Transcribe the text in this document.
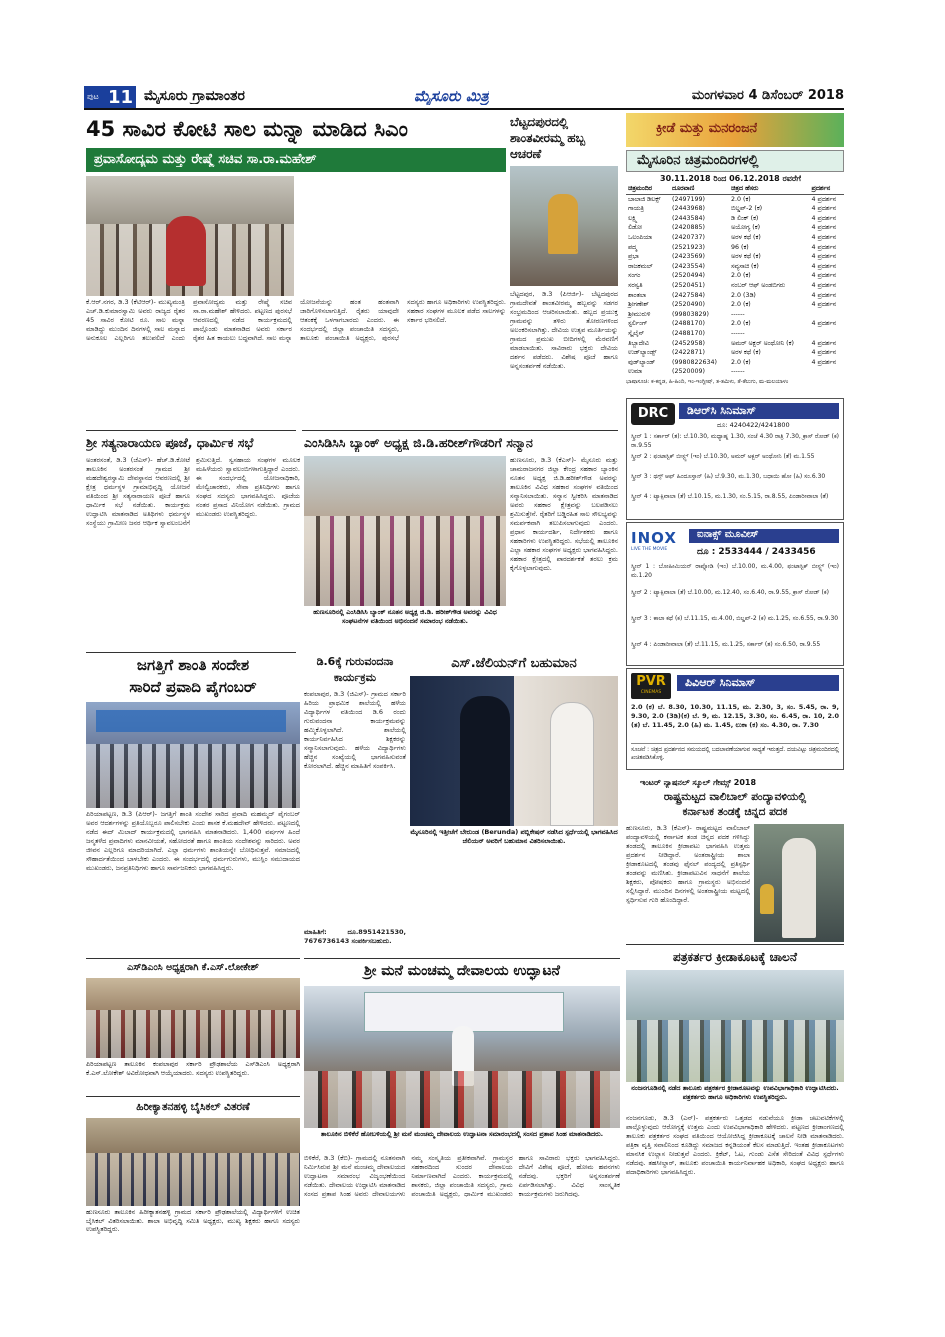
ಪುಟ 11 ಮೈಸೂರು ಗ್ರಾಮಾಂತರ	ಮೈಸೂರು ಮಿತ್ರ	ಮಂಗಳವಾರ 4 ಡಿಸೆಂಬರ್ 2018
45 ಸಾವಿರ ಕೋಟಿ ಸಾಲ ಮನ್ನಾ ಮಾಡಿದ ಸಿಎಂ
ಪ್ರವಾಸೋದ್ಯಮ ಮತ್ತು ರೇಷ್ಮೆ ಸಚಿವ ಸಾ.ರಾ.ಮಹೇಶ್
ಕೆ.ಆರ್.ನಗರ, ಡಿ.3 (ಕೆಟಿಆರ್)- ಮುಖ್ಯಮಂತ್ರಿ ಎಚ್.ಡಿ.ಕುಮಾರಸ್ವಾಮಿ ಅವರು ರಾಜ್ಯದ ರೈತರ 45 ಸಾವಿರ ಕೋಟಿ ರೂ. ಸಾಲ ಮನ್ನಾ ಮಾಡಿದ್ದು ಮುಂದಿನ ದಿನಗಳಲ್ಲಿ ಸಾಲ ಮನ್ನಾದ ಅನುಕೂಲ ಎಲ್ಲರಿಗೂ ತಲುಪಲಿದೆ ಎಂದು ಪ್ರವಾಸೋದ್ಯಮ ಮತ್ತು ರೇಷ್ಮೆ ಸಚಿವ ಸಾ.ರಾ.ಮಹೇಶ್ ಹೇಳಿದರು. ಪಟ್ಟಣದ ಪುರಸಭೆ ಆವರಣದಲ್ಲಿ ನಡೆದ ಕಾರ್ಯಕ್ರಮದಲ್ಲಿ ಪಾಲ್ಗೊಂಡು ಮಾತನಾಡಿದ ಅವರು ಸರ್ಕಾರ ರೈತರ ಹಿತ ಕಾಯಲು ಬದ್ಧವಾಗಿದೆ. ಸಾಲ ಮನ್ನಾ ಯೋಜನೆಯನ್ನು ಹಂತ ಹಂತವಾಗಿ ಜಾರಿಗೊಳಿಸಲಾಗುತ್ತಿದೆ. ರೈತರು ಯಾವುದೇ ಆತಂಕಕ್ಕೆ ಒಳಗಾಗಬಾರದು ಎಂದರು. ಈ ಸಂದರ್ಭದಲ್ಲಿ ಜಿಲ್ಲಾ ಪಂಚಾಯಿತಿ ಸದಸ್ಯರು, ತಾಲೂಕು ಪಂಚಾಯಿತಿ ಅಧ್ಯಕ್ಷರು, ಪುರಸಭೆ ಸದಸ್ಯರು ಹಾಗೂ ಅಧಿಕಾರಿಗಳು ಉಪಸ್ಥಿತರಿದ್ದರು. ಸಹಕಾರ ಸಂಘಗಳ ಮೂಲಕ ಪಡೆದ ಸಾಲಗಳನ್ನು ಸರ್ಕಾರ ಭರಿಸಲಿದೆ.
ಬೆಟ್ಟದಪುರದಲ್ಲಿ ಶಾಂತವೀರಮ್ಮ ಹಬ್ಬ ಆಚರಣೆ
ಬೆಟ್ಟದಪುರ, ಡಿ.3 (ಪಿಆರ್ಜಿ)- ಬೆಟ್ಟದಪುರದ ಗ್ರಾಮದೇವತೆ ಶಾಂತವೀರಮ್ಮ ಹಬ್ಬವನ್ನು ಸಡಗರ ಸಂಭ್ರಮದಿಂದ ಆಚರಿಸಲಾಯಿತು. ಹಬ್ಬದ ಪ್ರಯುಕ್ತ ಗ್ರಾಮವನ್ನು ತಳಿರು ತೋರಣಗಳಿಂದ ಅಲಂಕರಿಸಲಾಗಿತ್ತು. ದೇವಿಯ ಉತ್ಸವ ಮೂರ್ತಿಯನ್ನು ಗ್ರಾಮದ ಪ್ರಮುಖ ಬೀದಿಗಳಲ್ಲಿ ಮೆರವಣಿಗೆ ಮಾಡಲಾಯಿತು. ಸಾವಿರಾರು ಭಕ್ತರು ದೇವಿಯ ದರ್ಶನ ಪಡೆದರು. ವಿಶೇಷ ಪೂಜೆ ಹಾಗೂ ಅನ್ನಸಂತರ್ಪಣೆ ನಡೆಯಿತು.
ಕ್ರೀಡೆ ಮತ್ತು ಮನರಂಜನೆ
ಮೈಸೂರಿನ ಚಿತ್ರಮಂದಿರಗಳಲ್ಲಿ
30.11.2018 ರಿಂದ 06.12.2018 ರವರೆಗೆ
ಚಿತ್ರಮಂದಿರ	ದೂರವಾಣಿ	ಚಿತ್ರದ ಹೆಸರು	ಪ್ರದರ್ಶನ
ಬಾಲಾಜಿ ಡಿಲಕ್ಸ್	(2497199)	2.0 (ಕ)	4 ಪ್ರದರ್ಶನ
ಗಾಯತ್ರಿ	(2443968)	ಬಿಲ್ಡಪ್-2 (ಕ)	4 ಪ್ರದರ್ಶನ
ಲಕ್ಷ್ಮಿ	(2443584)	ಡಿ ಲಿಂಕ್ (ಕ)	4 ಪ್ರದರ್ಶನ
ಲಿಡೋ	(2420885)	ಅಯೋಗ್ಯ (ಕ)	4 ಪ್ರದರ್ಶನ
ಒಲಂಪಿಯಾ	(2420737)	ಅರಳ ಕಥೆ (ಕ)	4 ಪ್ರದರ್ಶನ
ಪದ್ಮ	(2521923)	96 (ಕ)	4 ಪ್ರದರ್ಶನ
ಪ್ರಭಾ	(2423569)	ಅರಳ ಕಥೆ (ಕ)	4 ಪ್ರದರ್ಶನ
ರಾಜಕಮಲ್	(2423554)	ಸವ್ಯಸಾಚಿ (ಕ)	4 ಪ್ರದರ್ಶನ
ಸಂಗಂ	(2520494)	2.0 (ಕ)	4 ಪ್ರದರ್ಶನ
ಸರಸ್ವತಿ	(2520451)	ನಂಬರ್ ಆಫ್ ಅಂಡಬಿಗರು	4 ಪ್ರದರ್ಶನ
ಶಾಂತಲಾ	(2427584)	2.0 (3ಡಿ)	4 ಪ್ರದರ್ಶನ
ಶ್ರೀಗಣೇಶ್	(2520490)	2.0 (ಕ)	4 ಪ್ರದರ್ಶನ
ಶ್ರೀಮುರುಳಿ	(99803829)	------	
ಸ್ಟರ್ಲಿಂಗ್	(2488170)	2.0 (ಕ)	4 ಪ್ರದರ್ಶನ
ಸ್ಕೈಲೈನ್	(2488170)	------	
ತಿಬ್ಬಾದೇವಿ	(2452958)	ಅಮರ್ ಅಕ್ಬರ್ ಅಂಥೋನಿ (ಕ)	4 ಪ್ರದರ್ಶನ
ಉಡ್‌ಲ್ಯಾಂಡ್ಸ್	(2422871)	ಅರಳ ಕಥೆ (ಕ)	4 ಪ್ರದರ್ಶನ
ವುಡ್‌ಲ್ಯಾಂಡ್	(9980822634)	2.0 (ಕ)	4 ಪ್ರದರ್ಶನ
ಉಮಾ	(2520009)	------	
ಭಾಷಾಸೂಚಿ: ಕ-ಕನ್ನಡ, ಹಿ-ಹಿಂದಿ, ಇಂ-ಇಂಗ್ಲೀಷ್, ತ-ತಮಿಳು, ತೆ-ತೆಲುಗು, ಮ-ಮಲಯಾಳಂ
DRC	ಡಿಆರ್‌ಸಿ ಸಿನಿಮಾಸ್
ದೂ: 4240422/4241800
ಸ್ಕ್ರೀನ್ 1 : ಸರ್ಕಾರ್ (ತ): ಬೆ.10.30, ಮಧ್ಯಾಹ್ನ 1.30, ಸಂಜೆ 4.30 ರಾತ್ರಿ 7.30, ಕ್ರಾಸ್ ರೋಡ್ (ಕ) ರಾ.9.55
ಸ್ಕ್ರೀನ್ 2 : ಫಂಟಾಸ್ಟಿಕ್ ಬೀಸ್ಟ್ಸ್ (ಇಂ) ಬೆ.10.30, ಅಮರ್ ಅಕ್ಬರ್ ಅಂಥೋನಿ (ತೆ) ಮ.1.55
ಸ್ಕ್ರೀನ್ 3 : ಥಗ್ಸ್ ಆಫ್ ಹಿಂದೂಸ್ತಾನ್ (ಹಿ) ಬೆ.9.30, ಮ.1.30, ಬಧಾಯಿ ಹೋ (ಹಿ) ಸಂ.6.30
ಸ್ಕ್ರೀನ್ 4 : ಟ್ಯಾಕ್ಸಿವಾಲಾ (ತೆ) ಬೆ.10.15, ಮ.1.30, ಸಂ.5.15, ರಾ.8.55, ಪಿಂಡಾರೀವಾಲಾ (ತೆ)
INOX
LIVE THE MOVIE
ಐನಾಕ್ಸ್ ಮೂವೀಸ್
ದೂ : 2533444 / 2433456
ಸ್ಕ್ರೀನ್ 1 : ಬೋಹೀಮಿಯನ್ ರಾಪ್ಸೋಡಿ (ಇಂ) ಬೆ.10.00, ಮ.4.00, ಫಂಟಾಸ್ಟಿಕ್ ಬೀಸ್ಟ್ಸ್ (ಇಂ) ಮ.1.20
ಸ್ಕ್ರೀನ್ 2 : ಟ್ಯಾಕ್ಸಿವಾಲಾ (ತೆ) ಬೆ.10.00, ಮ.12.40, ಸಂ.6.40, ರಾ.9.55, ಕ್ರಾಸ್ ರೋಡ್ (ಕ)
ಸ್ಕ್ರೀನ್ 3 : ಕಾಲಾ ಕಥೆ (ಕ) ಬೆ.11.15, ಮ.4.00, ಬಿಲ್ಡಪ್-2 (ಕ) ಮ.1.25, ಸಂ.6.55, ರಾ.9.30
ಸ್ಕ್ರೀನ್ 4 : ಪಿಂಡಾರೀವಾಲಾ (ತೆ) ಬೆ.11.15, ಮ.1.25, ಸರ್ಕಾರ್ (ತ) ಸಂ.6.50, ರಾ.9.55
PVR
CINEMAS
ಪಿವಿಆರ್ ಸಿನಿಮಾಸ್
2.0 (ಕ) ಬೆ. 8.30, 10.30, 11.15, ಮ. 2.30, 3, ಸಂ. 5.45, ರಾ. 9, 9.30, 2.0 (3ಡಿ)(ಕ) ಬೆ. 9, ಮ. 12.15, 3.30, ಸಂ. 6.45, ರಾ. 10, 2.0 (ತ) ಬೆ. 11.45, 2.0 (ಹಿ) ಮ. 1.45, ಲುಕಾ (ಕ) ಸಂ. 4.30, ರಾ. 7.30
ಸೂಚನೆ : ಚಿತ್ರದ ಪ್ರದರ್ಶನದ ಸಮಯದಲ್ಲಿ ಬದಲಾವಣೆಯಾಗುವ ಸಾಧ್ಯತೆ ಇರುತ್ತದೆ. ದಯವಿಟ್ಟು ಚಿತ್ರಮಂದಿರದಲ್ಲಿ ಖಚಿತಪಡಿಸಿಕೊಳ್ಳಿ.
ಶ್ರೀ ಸತ್ಯನಾರಾಯಣ ಪೂಜೆ, ಧಾರ್ಮಿಕ ಸಭೆ
ಅಂತರಸಂತೆ, ಡಿ.3 (ಜೆಎಸ್)- ಹೆಚ್.ಡಿ.ಕೋಟೆ ತಾಲೂಕಿನ ಅಂತರಸಂತೆ ಗ್ರಾಮದ ಶ್ರೀ ಮಹದೇಶ್ವರಸ್ವಾಮಿ ದೇವಸ್ಥಾನದ ಆವರಣದಲ್ಲಿ ಶ್ರೀ ಕ್ಷೇತ್ರ ಧರ್ಮಸ್ಥಳ ಗ್ರಾಮಾಭಿವೃದ್ಧಿ ಯೋಜನೆ ವತಿಯಿಂದ ಶ್ರೀ ಸತ್ಯನಾರಾಯಣ ಪೂಜೆ ಹಾಗೂ ಧಾರ್ಮಿಕ ಸಭೆ ನಡೆಯಿತು. ಕಾರ್ಯಕ್ರಮ ಉದ್ಘಾಟಿಸಿ ಮಾತನಾಡಿದ ಅತಿಥಿಗಳು ಧರ್ಮಸ್ಥಳ ಸಂಸ್ಥೆಯು ಗ್ರಾಮೀಣ ಜನರ ಆರ್ಥಿಕ ಸ್ವಾವಲಂಬನೆಗೆ ಶ್ರಮಿಸುತ್ತಿದೆ. ಸ್ವಸಹಾಯ ಸಂಘಗಳ ಮೂಲಕ ಮಹಿಳೆಯರು ಸ್ವಾವಲಂಬಿಗಳಾಗುತ್ತಿದ್ದಾರೆ ಎಂದರು. ಈ ಸಂದರ್ಭದಲ್ಲಿ ಯೋಜನಾಧಿಕಾರಿ, ಮೇಲ್ವಿಚಾರಕರು, ಸೇವಾ ಪ್ರತಿನಿಧಿಗಳು ಹಾಗೂ ಸಂಘದ ಸದಸ್ಯರು ಭಾಗವಹಿಸಿದ್ದರು. ಪೂಜೆಯ ನಂತರ ಪ್ರಸಾದ ವಿನಿಯೋಗ ನಡೆಯಿತು. ಗ್ರಾಮದ ಮುಖಂಡರು ಉಪಸ್ಥಿತರಿದ್ದರು.
ಎಂಸಿಡಿಸಿಸಿ ಬ್ಯಾಂಕ್ ಅಧ್ಯಕ್ಷ ಜಿ.ಡಿ.ಹರೀಶ್‌ಗೌಡರಿಗೆ ಸನ್ಮಾನ
ಹುಣಸೂರಿನಲ್ಲಿ ಎಂಸಿಡಿಸಿಸಿ ಬ್ಯಾಂಕ್ ನೂತನ ಅಧ್ಯಕ್ಷ ಜಿ.ಡಿ. ಹರೀಶ್‌ಗೌಡ ಅವರನ್ನು ವಿವಿಧ ಸಂಘಟನೆಗಳ ವತಿಯಿಂದ ಅಭಿನಂದನೆ ಸಮಾರಂಭ ನಡೆಯಿತು.
ಹುಣಸೂರು, ಡಿ.3 (ಕೆಎಸ್)- ಮೈಸೂರು ಮತ್ತು ಚಾಮರಾಜನಗರ ಜಿಲ್ಲಾ ಕೇಂದ್ರ ಸಹಕಾರ ಬ್ಯಾಂಕಿನ ನೂತನ ಅಧ್ಯಕ್ಷ ಜಿ.ಡಿ.ಹರೀಶ್‌ಗೌಡ ಅವರನ್ನು ತಾಲೂಕಿನ ವಿವಿಧ ಸಹಕಾರ ಸಂಘಗಳ ವತಿಯಿಂದ ಸನ್ಮಾನಿಸಲಾಯಿತು. ಸನ್ಮಾನ ಸ್ವೀಕರಿಸಿ ಮಾತನಾಡಿದ ಅವರು ಸಹಕಾರ ಕ್ಷೇತ್ರವನ್ನು ಬಲಪಡಿಸಲು ಶ್ರಮಿಸುತ್ತೇನೆ. ರೈತರಿಗೆ ಬಡ್ಡಿರಹಿತ ಸಾಲ ಸೌಲಭ್ಯವನ್ನು ಸಮರ್ಪಕವಾಗಿ ತಲುಪಿಸಲಾಗುವುದು ಎಂದರು. ಪ್ರಧಾನ ಕಾರ್ಯದರ್ಶಿ, ನಿರ್ದೇಶಕರು ಹಾಗೂ ಸಹಕಾರಿಗಳು ಉಪಸ್ಥಿತರಿದ್ದರು. ಸಭೆಯಲ್ಲಿ ತಾಲೂಕಿನ ಎಲ್ಲಾ ಸಹಕಾರ ಸಂಘಗಳ ಅಧ್ಯಕ್ಷರು ಭಾಗವಹಿಸಿದ್ದರು. ಸಹಕಾರ ಕ್ಷೇತ್ರದಲ್ಲಿ ಪಾರದರ್ಶಕತೆ ತರಲು ಕ್ರಮ ಕೈಗೊಳ್ಳಲಾಗುವುದು.
ಜಗತ್ತಿಗೆ ಶಾಂತಿ ಸಂದೇಶ
ಸಾರಿದೆ ಪ್ರವಾದಿ ಪೈಗಂಬರ್
ಪಿರಿಯಾಪಟ್ಟಣ, ಡಿ.3 (ಪಿಆರ್)- ಜಗತ್ತಿಗೆ ಶಾಂತಿ ಸಂದೇಶ ಸಾರಿದ ಪ್ರವಾದಿ ಮಹಮ್ಮದ್ ಪೈಗಂಬರ್ ಅವರ ಆದರ್ಶಗಳನ್ನು ಪ್ರತಿಯೊಬ್ಬರೂ ಪಾಲಿಸಬೇಕು ಎಂದು ಶಾಸಕ ಕೆ.ಮಹದೇವ್ ಹೇಳಿದರು. ಪಟ್ಟಣದಲ್ಲಿ ನಡೆದ ಈದ್ ಮಿಲಾದ್ ಕಾರ್ಯಕ್ರಮದಲ್ಲಿ ಭಾಗವಹಿಸಿ ಮಾತನಾಡಿದರು. 1,400 ವರ್ಷಗಳ ಹಿಂದೆ ಜನ್ಮತಳೆದ ಪ್ರವಾದಿಗಳು ಮಾನವೀಯತೆ, ಸಹೋದರತೆ ಹಾಗೂ ಶಾಂತಿಯ ಸಂದೇಶವನ್ನು ಸಾರಿದರು. ಅವರ ಜೀವನ ಎಲ್ಲರಿಗೂ ಮಾದರಿಯಾಗಿದೆ. ಎಲ್ಲಾ ಧರ್ಮಗಳು ಶಾಂತಿಯನ್ನೇ ಬೋಧಿಸುತ್ತವೆ. ಸಮಾಜದಲ್ಲಿ ಸೌಹಾರ್ದತೆಯಿಂದ ಬಾಳಬೇಕು ಎಂದರು. ಈ ಸಂದರ್ಭದಲ್ಲಿ ಧರ್ಮಗುರುಗಳು, ಮುಸ್ಲಿಂ ಸಮುದಾಯದ ಮುಖಂಡರು, ಜನಪ್ರತಿನಿಧಿಗಳು ಹಾಗೂ ಸಾರ್ವಜನಿಕರು ಭಾಗವಹಿಸಿದ್ದರು.
ಡಿ.6ಕ್ಕೆ ಗುರುವಂದನಾ
ಕಾರ್ಯಕ್ರಮ
ಕಂಪಲಾಪುರ, ಡಿ.3 (ಜಿಎಸ್)- ಗ್ರಾಮದ ಸರ್ಕಾರಿ ಹಿರಿಯ ಪ್ರಾಥಮಿಕ ಶಾಲೆಯಲ್ಲಿ ಹಳೆಯ ವಿದ್ಯಾರ್ಥಿಗಳ ವತಿಯಿಂದ ಡಿ.6 ರಂದು ಗುರುವಂದನಾ ಕಾರ್ಯಕ್ರಮವನ್ನು ಹಮ್ಮಿಕೊಳ್ಳಲಾಗಿದೆ. ಶಾಲೆಯಲ್ಲಿ ಕಾರ್ಯನಿರ್ವಹಿಸಿದ ಶಿಕ್ಷಕರನ್ನು ಸನ್ಮಾನಿಸಲಾಗುವುದು. ಹಳೆಯ ವಿದ್ಯಾರ್ಥಿಗಳು ಹೆಚ್ಚಿನ ಸಂಖ್ಯೆಯಲ್ಲಿ ಭಾಗವಹಿಸುವಂತೆ ಕೋರಲಾಗಿದೆ. ಹೆಚ್ಚಿನ ಮಾಹಿತಿಗೆ ಸಂಪರ್ಕಿಸಿ.
ಮಾಹಿತಿಗೆ: ದೂ.8951421530, 7676736143 ಸಂಪರ್ಕಿಸಬಹುದು.
ಎಸ್.ಜೆಲಿಯನ್‌ಗೆ ಬಹುಮಾನ
ಮೈಸೂರಿನಲ್ಲಿ ಇತ್ತೀಚೆಗೆ ಬೇರುಂಡ (Berunda) ಪಬ್ಲಿಕೇಷನ್ ನಡೆಸಿದ ಸ್ಪರ್ಧೆಯಲ್ಲಿ ಭಾಗವಹಿಸಿದ ಜೆಲಿಯನ್ ಅವರಿಗೆ ಬಹುಮಾನ ವಿತರಿಸಲಾಯಿತು.
ಇಂಟರ್ ನ್ಯಾಷನಲ್ ಸ್ಕೂಲ್ ಗೇಮ್ಸ್ 2018
ರಾಷ್ಟ್ರಮಟ್ಟದ ವಾಲಿಬಾಲ್ ಪಂದ್ಯಾವಳಿಯಲ್ಲಿ
ಕರ್ನಾಟಕ ತಂಡಕ್ಕೆ ಚಿನ್ನದ ಪದಕ
ಹುಣಸೂರು, ಡಿ.3 (ಕೆಎಸ್)- ರಾಷ್ಟ್ರಮಟ್ಟದ ವಾಲಿಬಾಲ್ ಪಂದ್ಯಾವಳಿಯಲ್ಲಿ ಕರ್ನಾಟಕ ತಂಡ ಚಿನ್ನದ ಪದಕ ಗಳಿಸಿದ್ದು ತಂಡದಲ್ಲಿ ತಾಲೂಕಿನ ಕ್ರೀಡಾಪಟು ಭಾಗವಹಿಸಿ ಉತ್ತಮ ಪ್ರದರ್ಶನ ನೀಡಿದ್ದಾರೆ. ಅಂತರಾಷ್ಟ್ರೀಯ ಶಾಲಾ ಕ್ರೀಡಾಕೂಟದಲ್ಲಿ ತಂಡವು ಫೈನಲ್ ಪಂದ್ಯದಲ್ಲಿ ಪ್ರತಿಸ್ಪರ್ಧಿ ತಂಡವನ್ನು ಮಣಿಸಿತು. ಕ್ರೀಡಾಪಟುವಿನ ಸಾಧನೆಗೆ ಶಾಲೆಯ ಶಿಕ್ಷಕರು, ಪೋಷಕರು ಹಾಗೂ ಗ್ರಾಮಸ್ಥರು ಅಭಿನಂದನೆ ಸಲ್ಲಿಸಿದ್ದಾರೆ. ಮುಂದಿನ ದಿನಗಳಲ್ಲಿ ಅಂತರಾಷ್ಟ್ರೀಯ ಮಟ್ಟದಲ್ಲಿ ಸ್ಪರ್ಧಿಸುವ ಗುರಿ ಹೊಂದಿದ್ದಾರೆ.
ಎಸ್‌ಡಿಎಂಸಿ ಅಧ್ಯಕ್ಷರಾಗಿ ಕೆ.ಎಸ್.ಲೋಕೇಶ್
ಪಿರಿಯಾಪಟ್ಟಣ ತಾಲೂಕಿನ ಕಂಪಲಾಪುರ ಸರ್ಕಾರಿ ಪ್ರೌಢಶಾಲೆಯ ಎಸ್‌ಡಿಎಂಸಿ ಅಧ್ಯಕ್ಷರಾಗಿ ಕೆ.ಎಸ್.ಲೋಕೇಶ್ ಅವಿರೋಧವಾಗಿ ಆಯ್ಕೆಯಾದರು. ಸದಸ್ಯರು ಉಪಸ್ಥಿತರಿದ್ದರು.
ಹಿರೀಕ್ಯಾತನಹಳ್ಳಿ ಬೈಸಿಕಲ್ ವಿತರಣೆ
ಹುಣಸೂರು ತಾಲೂಕಿನ ಹಿರೀಕ್ಯಾತನಹಳ್ಳಿ ಗ್ರಾಮದ ಸರ್ಕಾರಿ ಪ್ರೌಢಶಾಲೆಯಲ್ಲಿ ವಿದ್ಯಾರ್ಥಿಗಳಿಗೆ ಉಚಿತ ಬೈಸಿಕಲ್ ವಿತರಿಸಲಾಯಿತು. ಶಾಲಾ ಅಭಿವೃದ್ಧಿ ಸಮಿತಿ ಅಧ್ಯಕ್ಷರು, ಮುಖ್ಯ ಶಿಕ್ಷಕರು ಹಾಗೂ ಸದಸ್ಯರು ಉಪಸ್ಥಿತರಿದ್ದರು.
ಶ್ರೀ ಮನೆ ಮಂಚಮ್ಮ ದೇವಾಲಯ ಉದ್ಘಾಟನೆ
ತಾಲೂಕಿನ ಬಿಳಿಕೆರೆ ಹೋಬಳಿಯಲ್ಲಿ ಶ್ರೀ ಮನೆ ಮಂಚಮ್ಮ ದೇವಾಲಯ ಉದ್ಘಾಟನಾ ಸಮಾರಂಭದಲ್ಲಿ ಸಂಸದ ಪ್ರತಾಪ ಸಿಂಹ ಮಾತನಾಡಿದರು.
ಬಿಳಿಕೆರೆ, ಡಿ.3 (ಕೆಬಿ)- ಗ್ರಾಮದಲ್ಲಿ ನೂತನವಾಗಿ ನಿರ್ಮಿಸಿರುವ ಶ್ರೀ ಮನೆ ಮಂಚಮ್ಮ ದೇವಾಲಯದ ಉದ್ಘಾಟನಾ ಸಮಾರಂಭ ವಿಜೃಂಭಣೆಯಿಂದ ನಡೆಯಿತು. ದೇವಾಲಯ ಉದ್ಘಾಟಿಸಿ ಮಾತನಾಡಿದ ಸಂಸದ ಪ್ರತಾಪ ಸಿಂಹ ಅವರು ದೇವಾಲಯಗಳು ನಮ್ಮ ಸಂಸ್ಕೃತಿಯ ಪ್ರತೀಕವಾಗಿವೆ. ಗ್ರಾಮಸ್ಥರ ಸಹಕಾರದಿಂದ ಸುಂದರ ದೇವಾಲಯ ನಿರ್ಮಾಣವಾಗಿದೆ ಎಂದರು. ಕಾರ್ಯಕ್ರಮದಲ್ಲಿ ಶಾಸಕರು, ಜಿಲ್ಲಾ ಪಂಚಾಯಿತಿ ಸದಸ್ಯರು, ಗ್ರಾಮ ಪಂಚಾಯಿತಿ ಅಧ್ಯಕ್ಷರು, ಧಾರ್ಮಿಕ ಮುಖಂಡರು ಹಾಗೂ ಸಾವಿರಾರು ಭಕ್ತರು ಭಾಗವಹಿಸಿದ್ದರು. ದೇವಿಗೆ ವಿಶೇಷ ಪೂಜೆ, ಹೋಮ ಹವನಗಳು ನಡೆದವು. ಭಕ್ತರಿಗೆ ಅನ್ನಸಂತರ್ಪಣೆ ಏರ್ಪಡಿಸಲಾಗಿತ್ತು. ವಿವಿಧ ಸಾಂಸ್ಕೃತಿಕ ಕಾರ್ಯಕ್ರಮಗಳು ಜರುಗಿದವು.
ಪತ್ರಕರ್ತರ ಕ್ರೀಡಾಕೂಟಕ್ಕೆ ಚಾಲನೆ
ನಂಜನಗೂಡಿನಲ್ಲಿ ನಡೆದ ತಾಲೂಕು ಪತ್ರಕರ್ತರ ಕ್ರೀಡಾಕೂಟವನ್ನು ಉಪವಿಭಾಗಾಧಿಕಾರಿ ಉದ್ಘಾಟಿಸಿದರು. ಪತ್ರಕರ್ತರು ಹಾಗೂ ಅಧಿಕಾರಿಗಳು ಉಪಸ್ಥಿತರಿದ್ದರು.
ನಂಜನಗೂಡು, ಡಿ.3 (ಎನ್)- ಪತ್ರಕರ್ತರು ಒತ್ತಡದ ನಡುವೆಯೂ ಕ್ರೀಡಾ ಚಟುವಟಿಕೆಗಳಲ್ಲಿ ಪಾಲ್ಗೊಳ್ಳುವುದು ಆರೋಗ್ಯಕ್ಕೆ ಉತ್ತಮ ಎಂದು ಉಪವಿಭಾಗಾಧಿಕಾರಿ ಹೇಳಿದರು. ಪಟ್ಟಣದ ಕ್ರೀಡಾಂಗಣದಲ್ಲಿ ತಾಲೂಕು ಪತ್ರಕರ್ತರ ಸಂಘದ ವತಿಯಿಂದ ಆಯೋಜಿಸಿದ್ದ ಕ್ರೀಡಾಕೂಟಕ್ಕೆ ಚಾಲನೆ ನೀಡಿ ಮಾತನಾಡಿದರು. ಪತ್ರಿಕಾ ವೃತ್ತಿ ಸವಾಲಿನಿಂದ ಕೂಡಿದ್ದು ಸಮಾಜದ ಕನ್ನಡಿಯಂತೆ ಕೆಲಸ ಮಾಡುತ್ತಿದೆ. ಇಂತಹ ಕ್ರೀಡಾಕೂಟಗಳು ಮಾನಸಿಕ ಉಲ್ಲಾಸ ನೀಡುತ್ತವೆ ಎಂದರು. ಕ್ರಿಕೆಟ್, ಓಟ, ಗುಂಡು ಎಸೆತ ಸೇರಿದಂತೆ ವಿವಿಧ ಸ್ಪರ್ಧೆಗಳು ನಡೆದವು. ತಹಸೀಲ್ದಾರ್, ತಾಲೂಕು ಪಂಚಾಯಿತಿ ಕಾರ್ಯನಿರ್ವಾಹಕ ಅಧಿಕಾರಿ, ಸಂಘದ ಅಧ್ಯಕ್ಷರು ಹಾಗೂ ಪದಾಧಿಕಾರಿಗಳು ಭಾಗವಹಿಸಿದ್ದರು.
